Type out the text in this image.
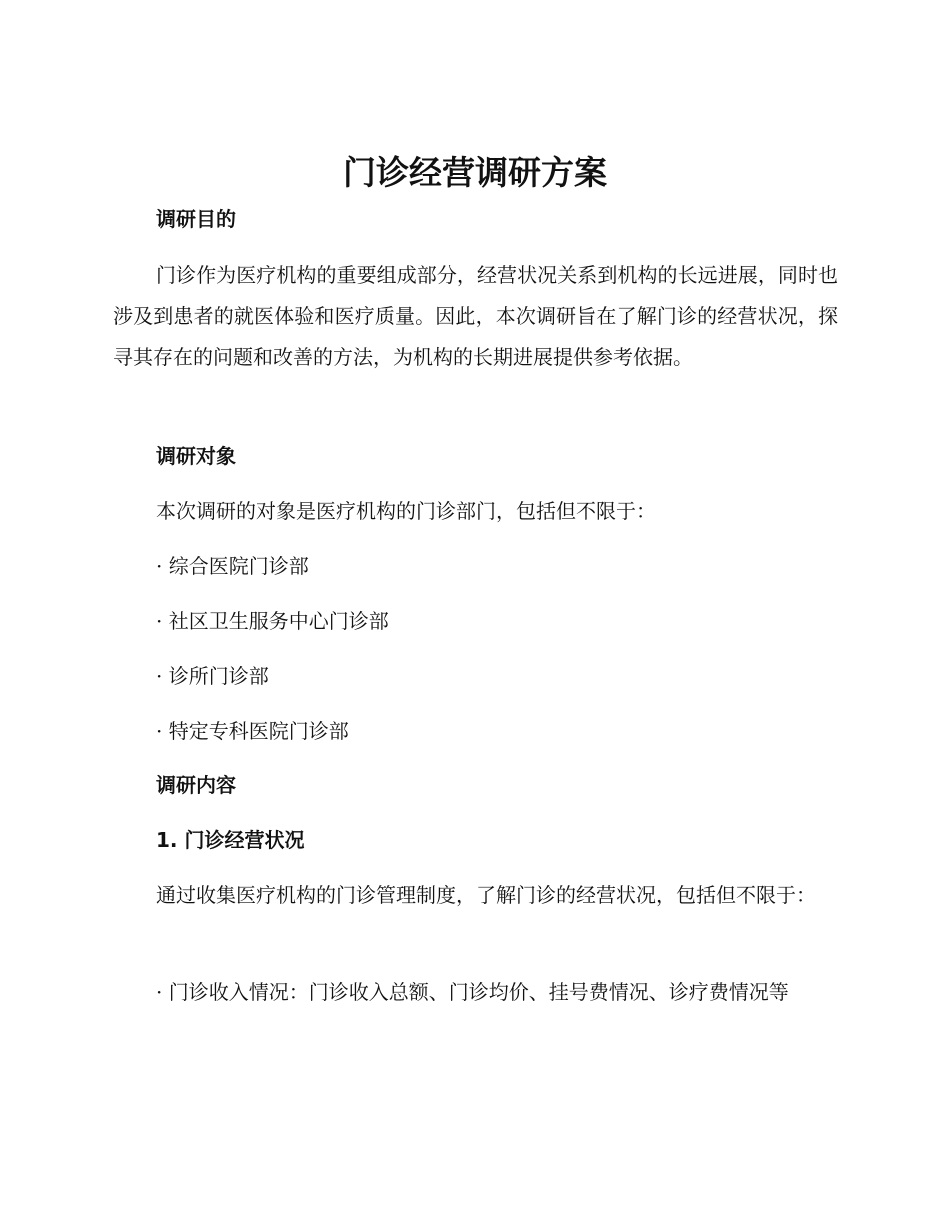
门诊经营调研方案
调研目的

门诊作为医疗机构的重要组成部分，经营状况关系到机构的长远进展，同时也涉及到患者的就医体验和医疗质量。因此，本次调研旨在了解门诊的经营状况，探寻其存在的问题和改善的方法，为机构的长期进展提供参考依据。

调研对象

本次调研的对象是医疗机构的门诊部门，包括但不限于：

· 综合医院门诊部

· 社区卫生服务中心门诊部

· 诊所门诊部

· 特定专科医院门诊部

调研内容
1. 门诊经营状况

通过收集医疗机构的门诊管理制度，了解门诊的经营状况，包括但不限于：

· 门诊收入情况：门诊收入总额、门诊均价、挂号费情况、诊疗费情况等
